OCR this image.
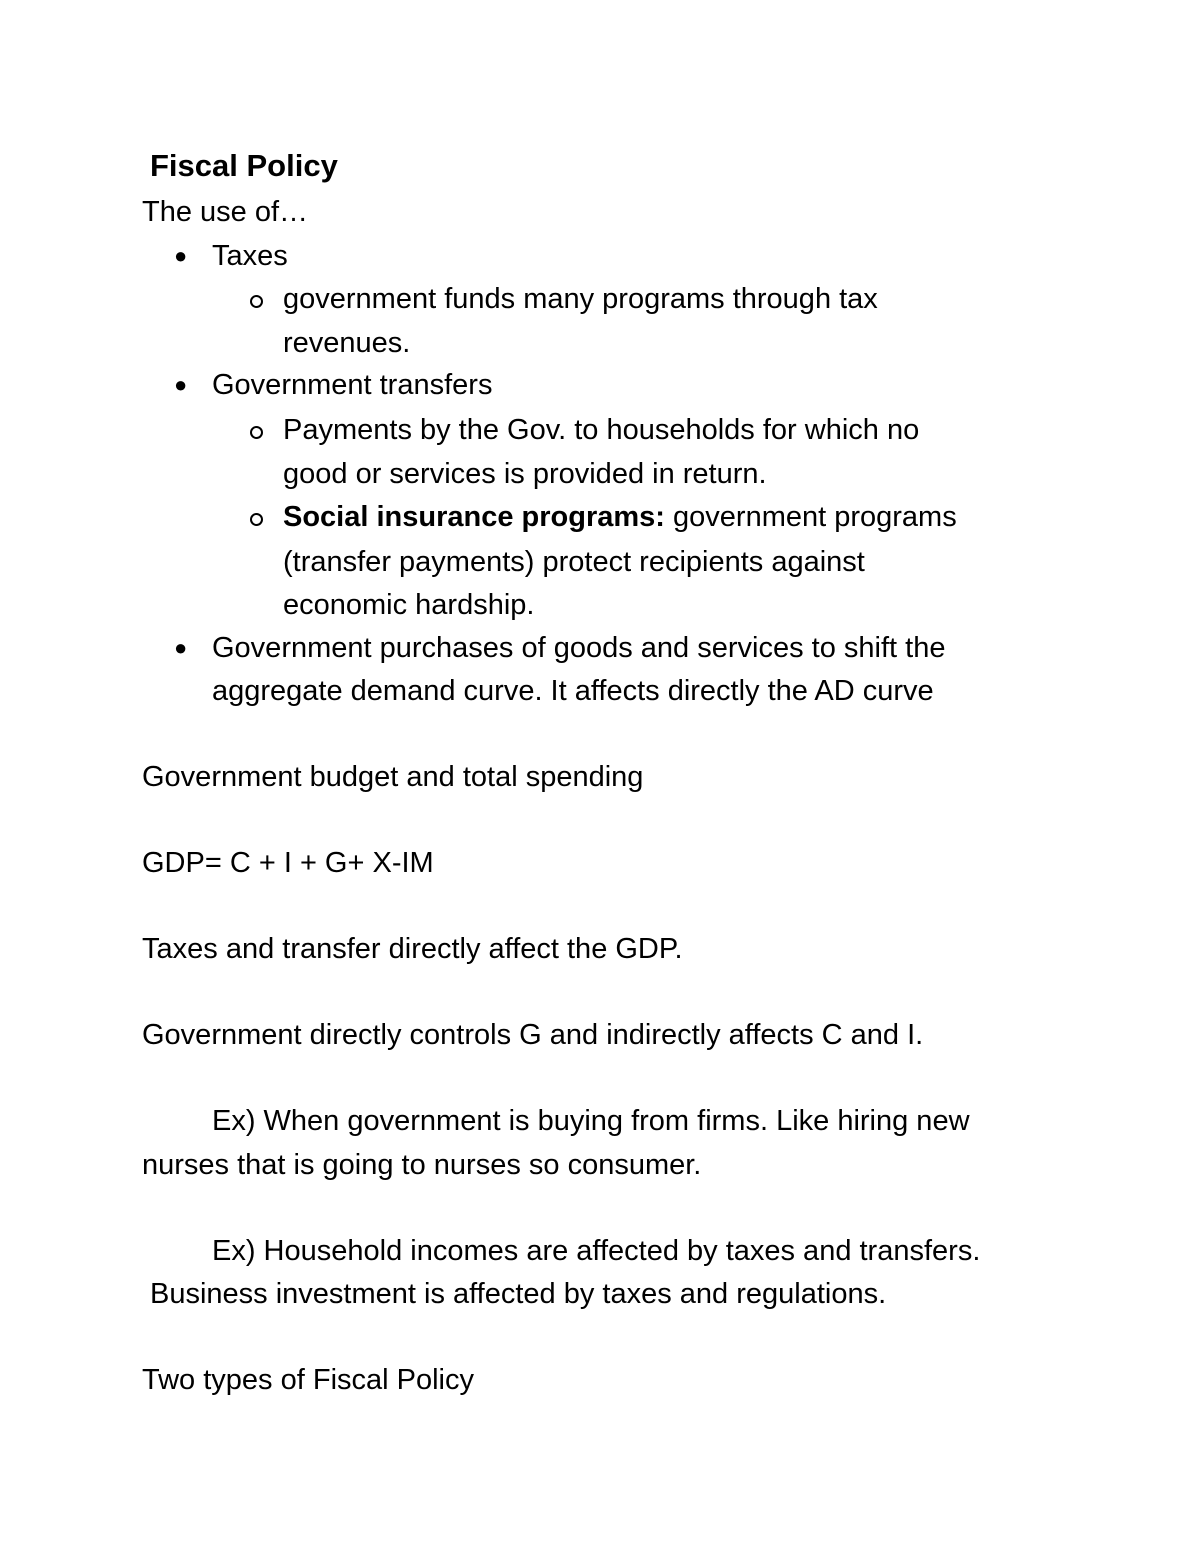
Fiscal Policy
The use of…
● Taxes
government funds many programs through tax
revenues.
● Government transfers
Payments by the Gov. to households for which no
good or services is provided in return.
Social insurance programs: government programs
(transfer payments) protect recipients against
economic hardship.
● Government purchases of goods and services to shift the
aggregate demand curve. It affects directly the AD curve
Government budget and total spending
GDP= C + I + G+ X-IM
Taxes and transfer directly affect the GDP.
Government directly controls G and indirectly affects C and I.
Ex) When government is buying from firms. Like hiring new
nurses that is going to nurses so consumer.
Ex) Household incomes are affected by taxes and transfers.
Business investment is affected by taxes and regulations.
Two types of Fiscal Policy
